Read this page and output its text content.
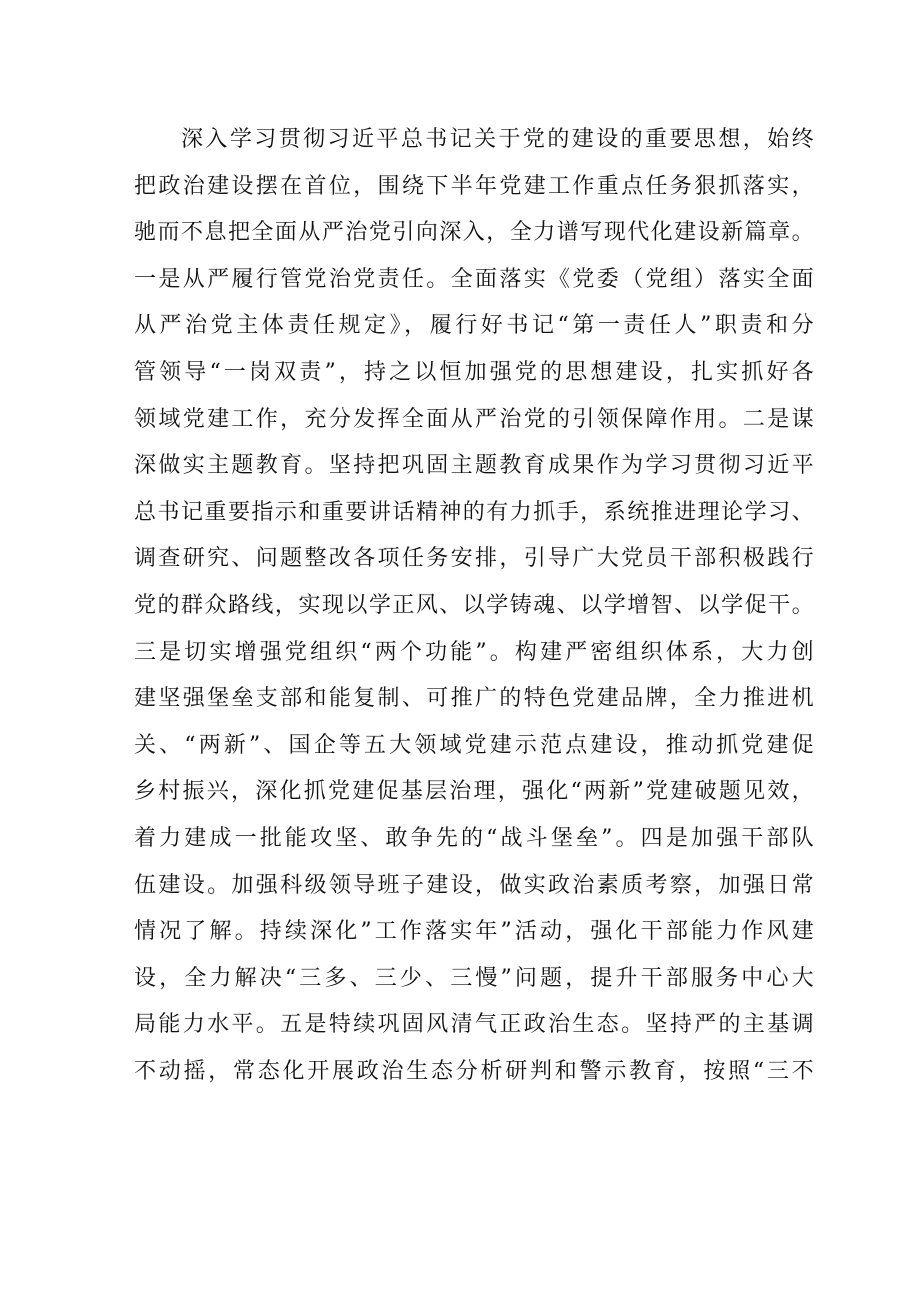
深入学习贯彻习近平总书记关于党的建设的重要思想，始终
把政治建设摆在首位，围绕下半年党建工作重点任务狠抓落实，
驰而不息把全面从严治党引向深入，全力谱写现代化建设新篇章。
一是从严履行管党治党责任。全面落实《党委（党组）落实全面
从严治党主体责任规定》，履行好书记“第一责任人”职责和分
管领导“一岗双责”，持之以恒加强党的思想建设，扎实抓好各
领域党建工作，充分发挥全面从严治党的引领保障作用。二是谋
深做实主题教育。坚持把巩固主题教育成果作为学习贯彻习近平
总书记重要指示和重要讲话精神的有力抓手，系统推进理论学习、
调查研究、问题整改各项任务安排，引导广大党员干部积极践行
党的群众路线，实现以学正风、以学铸魂、以学增智、以学促干。
三是切实增强党组织“两个功能”。构建严密组织体系，大力创
建坚强堡垒支部和能复制、可推广的特色党建品牌，全力推进机
关、“两新”、国企等五大领域党建示范点建设，推动抓党建促
乡村振兴，深化抓党建促基层治理，强化“两新”党建破题见效，
着力建成一批能攻坚、敢争先的“战斗堡垒”。四是加强干部队
伍建设。加强科级领导班子建设，做实政治素质考察，加强日常
情况了解。持续深化”工作落实年”活动，强化干部能力作风建
设，全力解决“三多、三少、三慢”问题，提升干部服务中心大
局能力水平。五是特续巩固风清气正政治生态。坚持严的主基调
不动摇，常态化开展政治生态分析研判和警示教育，按照“三不
